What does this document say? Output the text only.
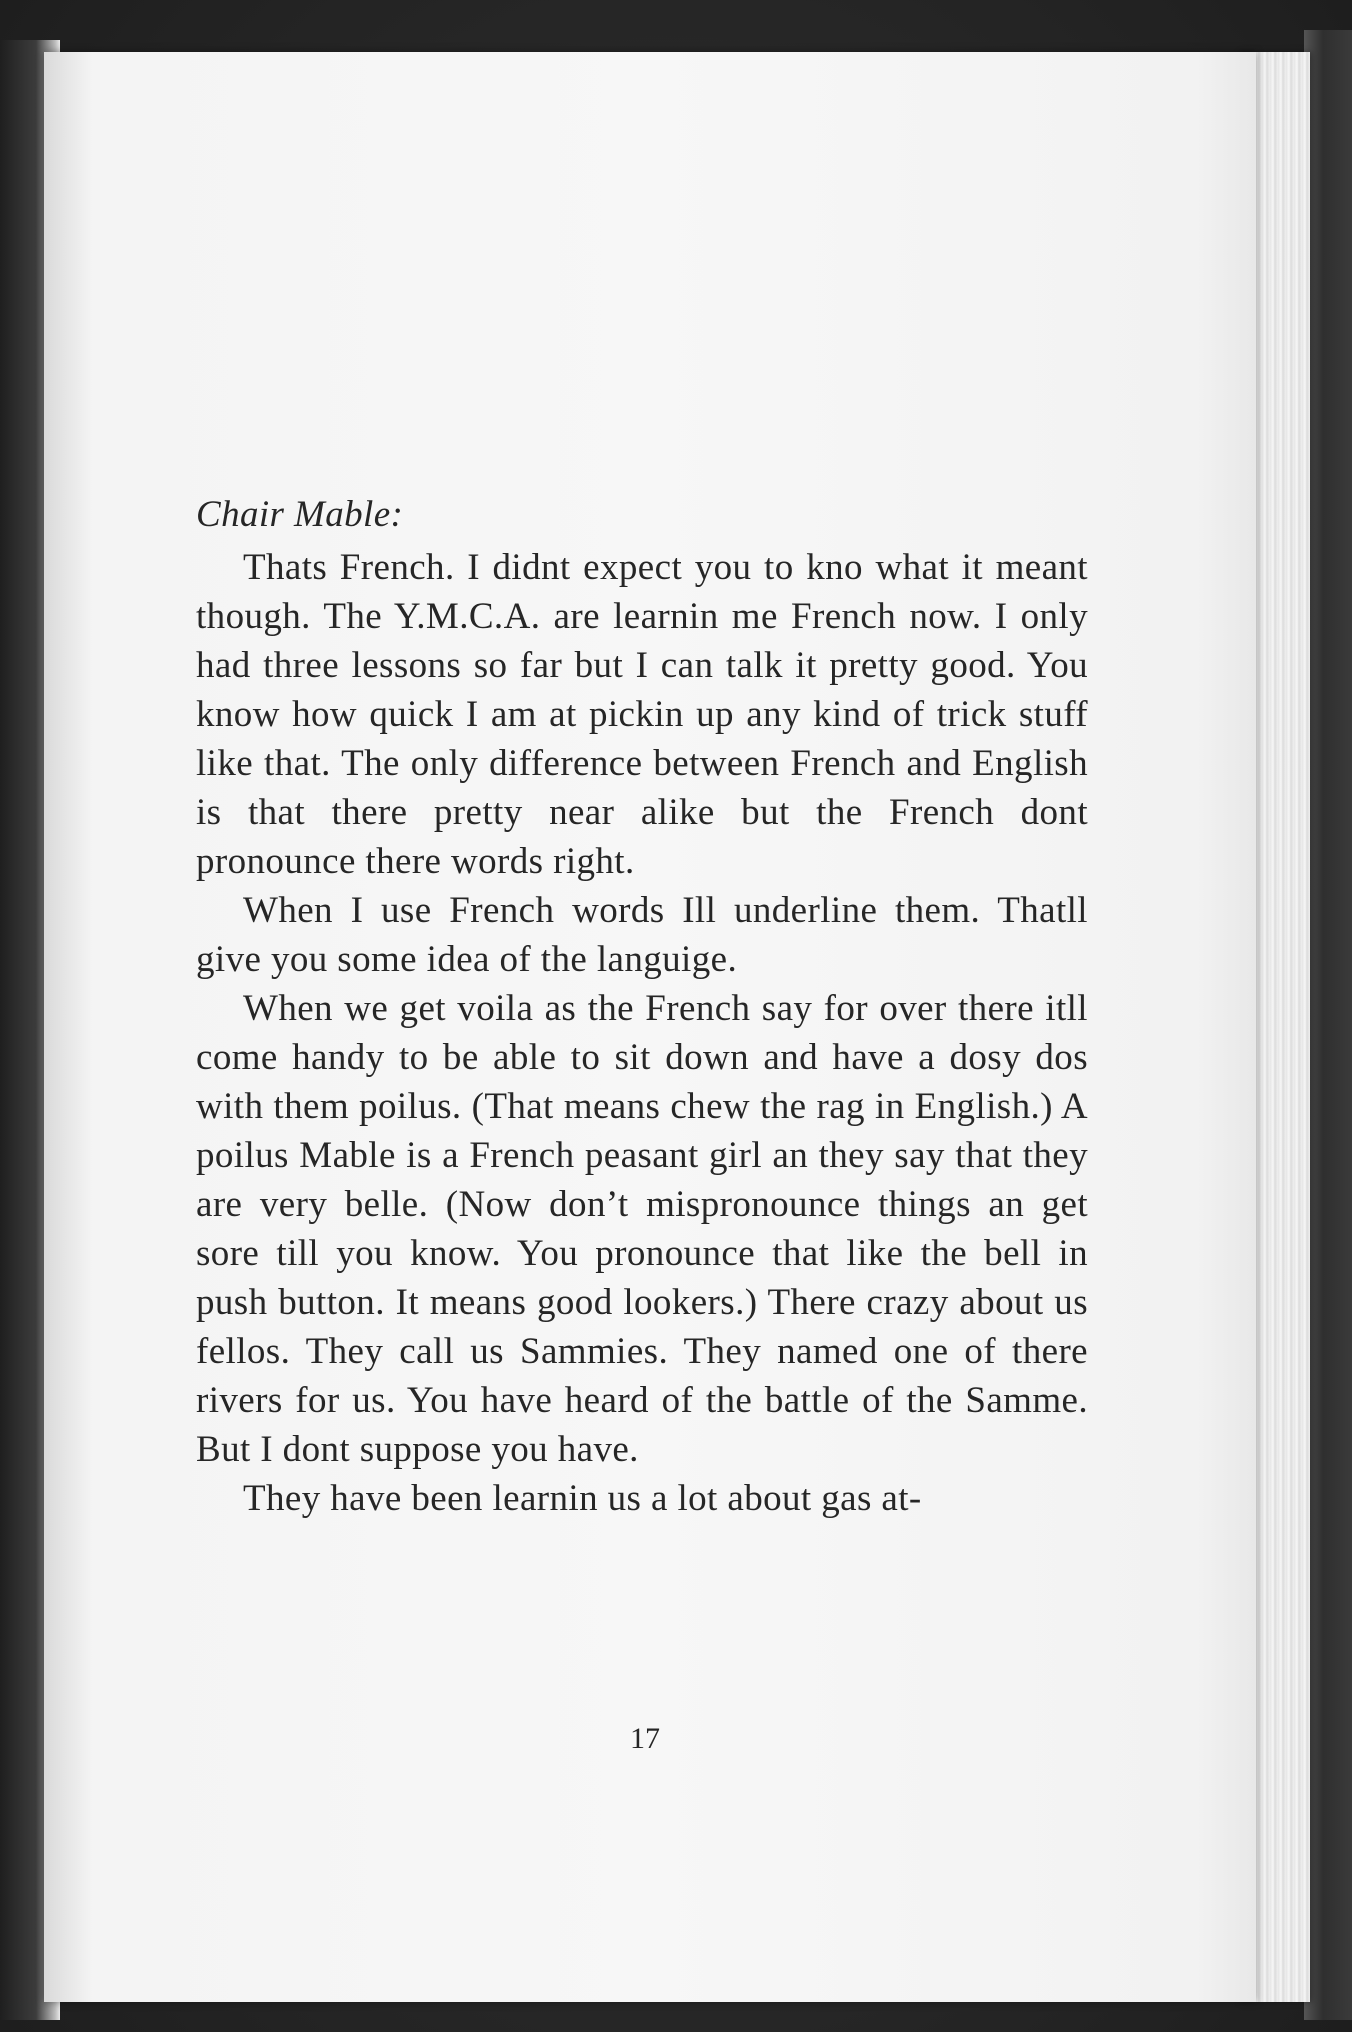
Chair Mable:

Thats French. I didnt expect you to kno what it meant though. The Y.M.C.A. are learnin me French now. I only had three lessons so far but I can talk it pretty good. You know how quick I am at pickin up any kind of trick stuff like that. The only difference between French and English is that there pretty near alike but the French dont pronounce there words right.

When I use French words Ill underline them. Thatll give you some idea of the languige.

When we get voila as the French say for over there itll come handy to be able to sit down and have a dosy dos with them poilus. (That means chew the rag in English.) A poilus Mable is a French peasant girl an they say that they are very belle. (Now don’t mispronounce things an get sore till you know. You pronounce that like the bell in push button. It means good lookers.) There crazy about us fellos. They call us Sammies. They named one of there rivers for us. You have heard of the battle of the Samme. But I dont suppose you have.

They have been learnin us a lot about gas at-

17
